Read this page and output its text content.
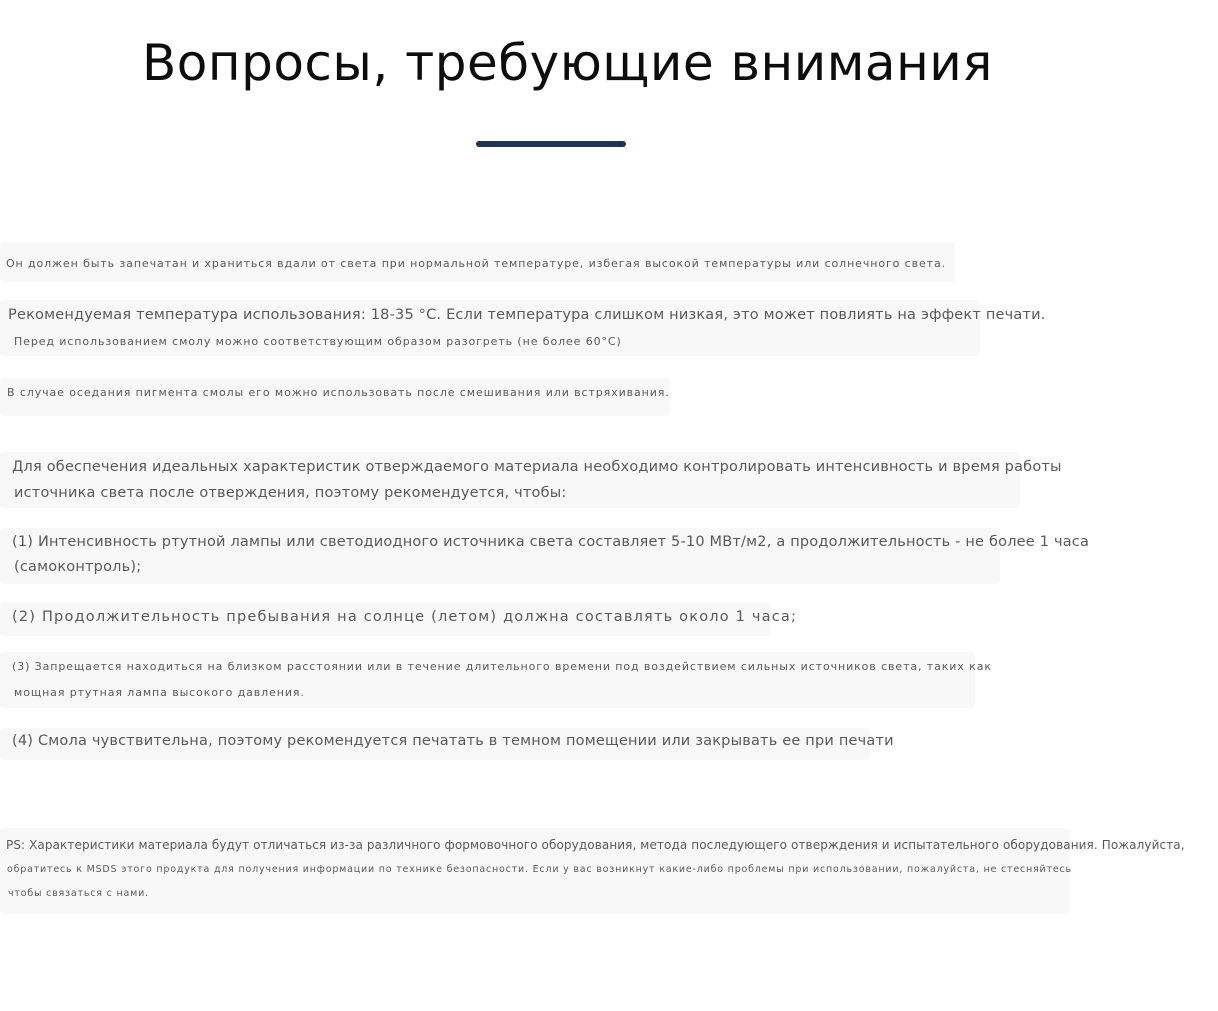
Вопросы, требующие внимания

Он должен быть запечатан и храниться вдали от света при нормальной температуре, избегая высокой температуры или солнечного света.

Рекомендуемая температура использования: 18-35 °C. Если температура слишком низкая, это может повлиять на эффект печати.

Перед использованием смолу можно соответствующим образом разогреть (не более 60°C)

В случае оседания пигмента смолы его можно использовать после смешивания или встряхивания.

Для обеспечения идеальных характеристик отверждаемого материала необходимо контролировать интенсивность и время работы

источника света после отверждения, поэтому рекомендуется, чтобы:

(1) Интенсивность ртутной лампы или светодиодного источника света составляет 5-10 МВт/м2, а продолжительность - не более 1 часа

(самоконтроль);

(2) Продолжительность пребывания на солнце (летом) должна составлять около 1 часа;

(3) Запрещается находиться на близком расстоянии или в течение длительного времени под воздействием сильных источников света, таких как

мощная ртутная лампа высокого давления.

(4) Смола чувствительна, поэтому рекомендуется печатать в темном помещении или закрывать ее при печати

PS: Характеристики материала будут отличаться из-за различного формовочного оборудования, метода последующего отверждения и испытательного оборудования. Пожалуйста,

обратитесь к MSDS этого продукта для получения информации по технике безопасности. Если у вас возникнут какие-либо проблемы при использовании, пожалуйста, не стесняйтесь

чтобы связаться с нами.
